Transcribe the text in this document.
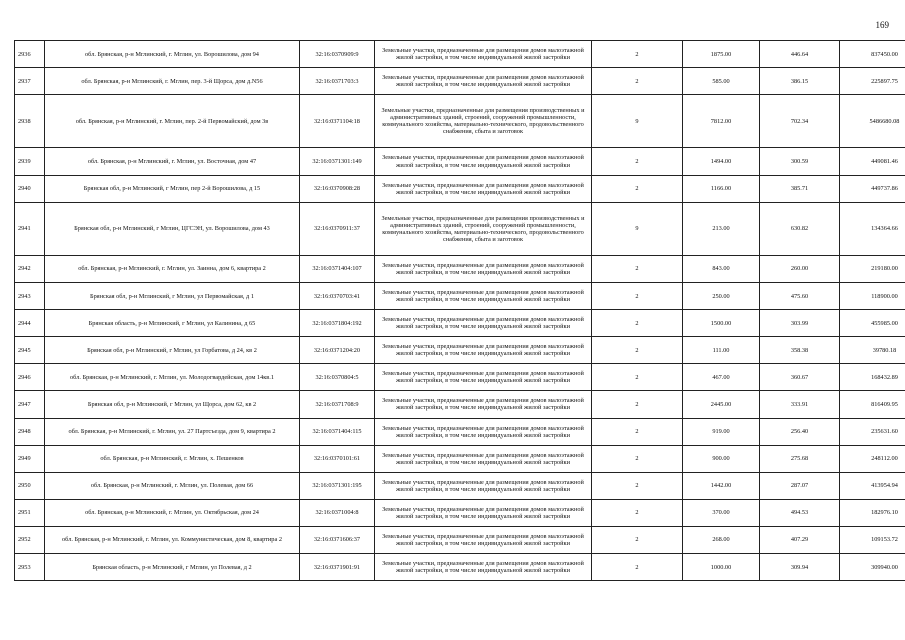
169
2936	обл. Брянская, р-н Мглинский, г. Мглин, ул. Ворошилова, дом 94	32:16:0370909:9	Земельные участки, предназначенные для размещения домов малоэтажной жилой застройки, в том числе индивидуальной жилой застройки	2	1875.00	446.64	837450.00
2937	обл. Брянская, р-н Мглинский, г. Мглин, пер. 3-й Щорса, дом д.N56	32:16:0371703:3	Земельные участки, предназначенные для размещения домов малоэтажной жилой застройки, в том числе индивидуальной жилой застройки	2	585.00	386.15	225897.75
2938	обл. Брянская, р-н Мглинский, г. Мглин, пер. 2-й Первомайский, дом 3в	32:16:0371104:18	Земельные участки, предназначенные для размещения производственных и административных зданий, строений, сооружений промышленности, коммунального хозяйства, материально-технического, продовольственного снабжения, сбыта и заготовок	9	7812.00	702.34	5486680.08
2939	обл. Брянская, р-н Мглинский, г. Мглин, ул. Восточная, дом 47	32:16:0371301:149	Земельные участки, предназначенные для размещения домов малоэтажной жилой застройки, в том числе индивидуальной жилой застройки	2	1494.00	300.59	449081.46
2940	Брянская обл, р-н Мглинский, г Мглин, пер 2-й Ворошилова, д 15	32:16:0370908:28	Земельные участки, предназначенные для размещения домов малоэтажной жилой застройки, в том числе индивидуальной жилой застройки	2	1166.00	385.71	449737.86
2941	Брянская обл, р-н Мглинский, г Мглин, ЦГСЭН, ул. Ворошилова, дом 43	32:16:0370911:37	Земельные участки, предназначенные для размещения производственных и административных зданий, строений, сооружений промышленности, коммунального хозяйства, материально-технического, продовольственного снабжения, сбыта и заготовок	9	213.00	630.82	134364.66
2942	обл. Брянская, р-н Мглинский, г. Мглин, ул. Заинна, дом 6, квартира 2	32:16:0371404:107	Земельные участки, предназначенные для размещения домов малоэтажной жилой застройки, в том числе индивидуальной жилой застройки	2	843.00	260.00	219180.00
2943	Брянская обл, р-н Мглинский, г Мглин, ул Первомайская, д 1	32:16:0370703:41	Земельные участки, предназначенные для размещения домов малоэтажной жилой застройки, в том числе индивидуальной жилой застройки	2	250.00	475.60	118900.00
2944	Брянская область, р-н Мглинский, г Мглин, ул Калинина, д 65	32:16:0371804:192	Земельные участки, предназначенные для размещения домов малоэтажной жилой застройки, в том числе индивидуальной жилой застройки	2	1500.00	303.99	455985.00
2945	Брянская обл, р-н Мглинский, г Мглин, ул Горбатова, д 24, кв 2	32:16:0371204:20	Земельные участки, предназначенные для размещения домов малоэтажной жилой застройки, в том числе индивидуальной жилой застройки	2	111.00	358.38	39780.18
2946	обл. Брянская, р-н Мглинский, г. Мглин, ул. Молодогвардейская, дом 14кв.1	32:16:0370804:5	Земельные участки, предназначенные для размещения домов малоэтажной жилой застройки, в том числе индивидуальной жилой застройки	2	467.00	360.67	168432.89
2947	Брянская обл, р-н Мглинский, г Мглин, ул Щорса, дом 62, кв 2	32:16:0371708:9	Земельные участки, предназначенные для размещения домов малоэтажной жилой застройки, в том числе индивидуальной жилой застройки	2	2445.00	333.91	816409.95
2948	обл. Брянская, р-н Мглинский, г. Мглин, ул. 27 Партсъезда, дом 9, квартира 2	32:16:0371404:115	Земельные участки, предназначенные для размещения домов малоэтажной жилой застройки, в том числе индивидуальной жилой застройки	2	919.00	256.40	235631.60
2949	обл. Брянская, р-н Мглинский, г. Мглин, х. Пешенков	32:16:0370101:61	Земельные участки, предназначенные для размещения домов малоэтажной жилой застройки, в том числе индивидуальной жилой застройки	2	900.00	275.68	248112.00
2950	обл. Брянская, р-н Мглинский, г. Мглин, ул. Полевая, дом 66	32:16:0371301:195	Земельные участки, предназначенные для размещения домов малоэтажной жилой застройки, в том числе индивидуальной жилой застройки	2	1442.00	287.07	413954.94
2951	обл. Брянская, р-н Мглинский, г. Мглин, ул. Октябрьская, дом 24	32:16:0371004:8	Земельные участки, предназначенные для размещения домов малоэтажной жилой застройки, в том числе индивидуальной жилой застройки	2	370.00	494.53	182976.10
2952	обл. Брянская, р-н Мглинский, г. Мглин, ул. Коммунистическая, дом 8, квартира 2	32:16:0371606:37	Земельные участки, предназначенные для размещения домов малоэтажной жилой застройки, в том числе индивидуальной жилой застройки	2	268.00	407.29	109153.72
2953	Брянская область, р-н Мглинский, г Мглин, ул Полевая, д 2	32:16:0371901:91	Земельные участки, предназначенные для размещения домов малоэтажной жилой застройки, в том числе индивидуальной жилой застройки	2	1000.00	309.94	309940.00
